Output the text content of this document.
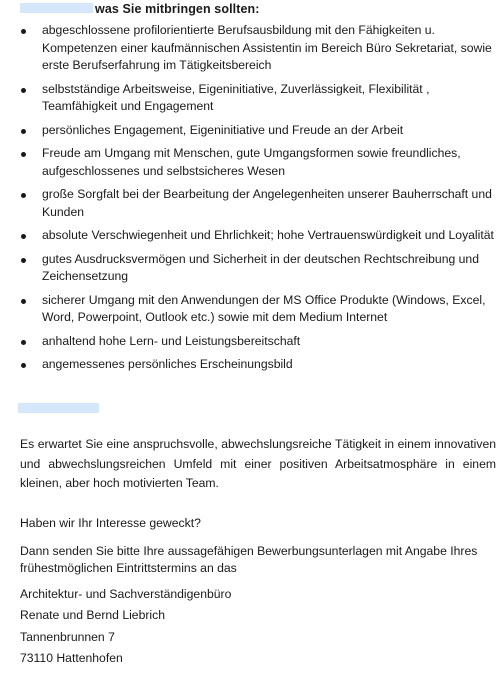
was Sie mitbringen sollten:
abgeschlossene profilorientierte Berufsausbildung mit den Fähigkeiten u. Kompetenzen einer kaufmännischen Assistentin im Bereich Büro Sekretariat, sowie erste Berufserfahrung im Tätigkeitsbereich
selbstständige Arbeitsweise, Eigeninitiative, Zuverlässigkeit, Flexibilität , Teamfähigkeit und Engagement
persönliches Engagement, Eigeninitiative und Freude an der Arbeit
Freude am Umgang mit Menschen, gute Umgangsformen sowie freundliches, aufgeschlossenes und selbstsicheres Wesen
große Sorgfalt bei der Bearbeitung der Angelegenheiten unserer Bauherrschaft und Kunden
absolute Verschwiegenheit und Ehrlichkeit; hohe Vertrauenswürdigkeit und Loyalität
gutes Ausdrucksvermögen und Sicherheit in der deutschen Rechtschreibung und Zeichensetzung
sicherer Umgang mit den Anwendungen der MS Office Produkte (Windows, Excel, Word, Powerpoint, Outlook etc.) sowie mit dem Medium Internet
anhaltend hohe Lern- und Leistungsbereitschaft
angemessenes persönliches Erscheinungsbild
Es erwartet Sie eine anspruchsvolle, abwechslungsreiche Tätigkeit in einem innovativen und abwechslungsreichen Umfeld mit einer positiven Arbeitsatmosphäre in einem kleinen, aber hoch motivierten Team.

Haben wir Ihr Interesse geweckt?

Dann senden Sie bitte Ihre aussagefähigen Bewerbungsunterlagen mit Angabe Ihres frühestmöglichen Eintrittstermins an das

Architektur- und Sachverständigenbüro

Renate und Bernd Liebrich

Tannenbrunnen 7

73110 Hattenhofen
